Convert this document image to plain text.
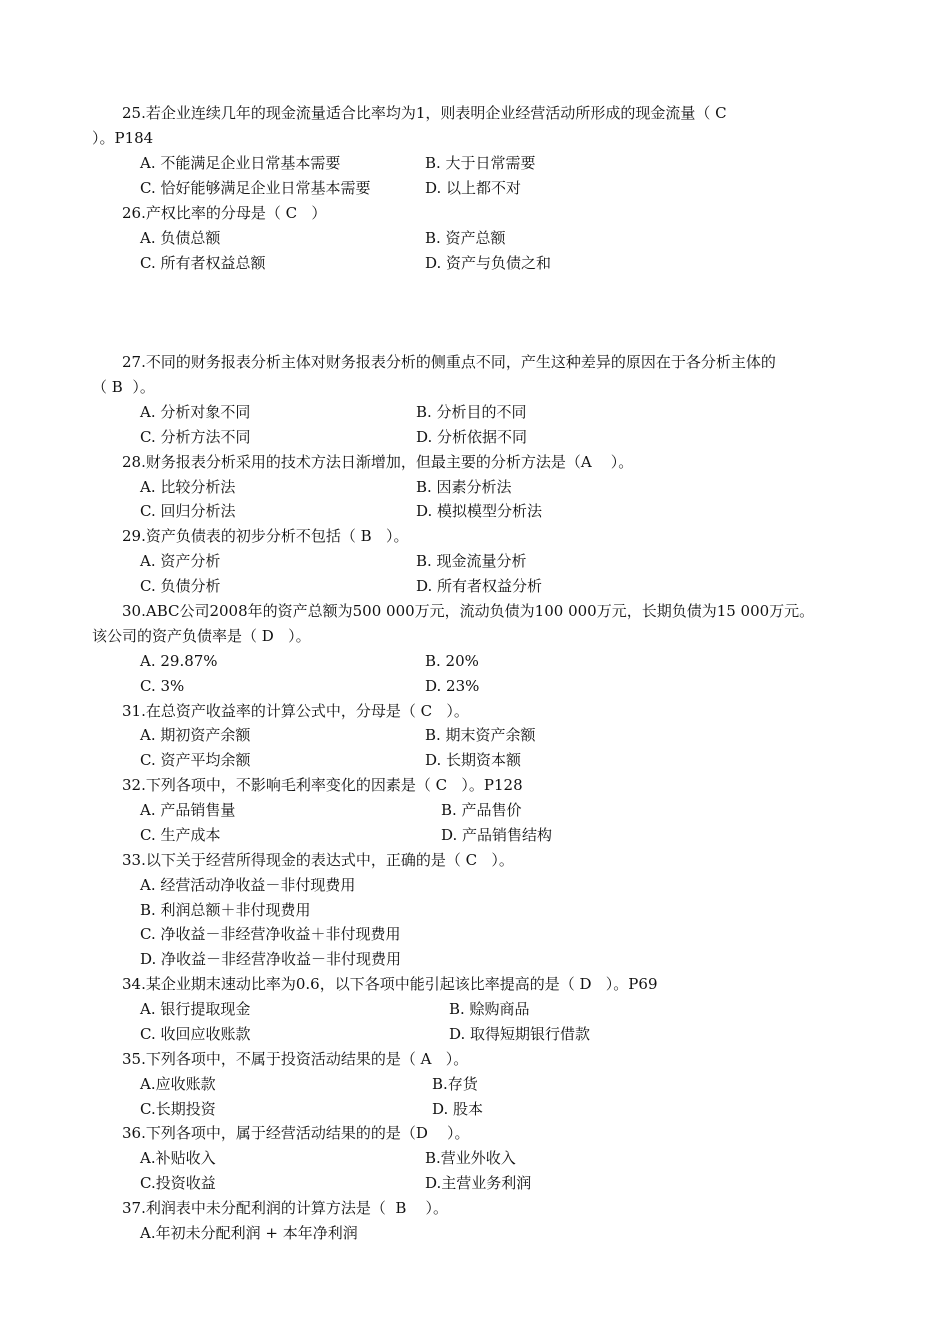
25.若企业连续几年的现金流量适合比率均为1，则表明企业经营活动所形成的现金流量（ C
）。P184
A. 不能满足企业日常基本需要	B. 大于日常需要
C. 恰好能够满足企业日常基本需要	D. 以上都不对
26.产权比率的分母是（ C   ）
A. 负债总额	B. 资产总额
C. 所有者权益总额	D. 资产与负债之和
27.不同的财务报表分析主体对财务报表分析的侧重点不同，产生这种差异的原因在于各分析主体的
（ B  ）。
A. 分析对象不同	B. 分析目的不同
C. 分析方法不同	D. 分析依据不同
28.财务报表分析采用的技术方法日渐增加，但最主要的分析方法是（A    ）。
A. 比较分析法	B. 因素分析法
C. 回归分析法	D. 模拟模型分析法
29.资产负债表的初步分析不包括（ B   ）。
A. 资产分析	B. 现金流量分析
C. 负债分析	D. 所有者权益分析
30.ABC公司2008年的资产总额为500 000万元，流动负债为100 000万元，长期负债为15 000万元。
该公司的资产负债率是（ D   ）。
A. 29.87%	B. 20%
C. 3%	D. 23%
31.在总资产收益率的计算公式中，分母是（ C   ）。
A. 期初资产余额	B. 期末资产余额
C. 资产平均余额	D. 长期资本额
32.下列各项中，不影响毛利率变化的因素是（ C   ）。P128
A. 产品销售量	B. 产品售价
C. 生产成本	D. 产品销售结构
33.以下关于经营所得现金的表达式中，正确的是（ C   ）。
A. 经营活动净收益－非付现费用
B. 利润总额＋非付现费用
C. 净收益－非经营净收益＋非付现费用
D. 净收益－非经营净收益－非付现费用
34.某企业期末速动比率为0.6，以下各项中能引起该比率提高的是（ D   ）。P69
A. 银行提取现金	B. 赊购商品
C. 收回应收账款	D. 取得短期银行借款
35.下列各项中，不属于投资活动结果的是（ A   ）。
A.应收账款	B.存货
C.长期投资	D. 股本
36.下列各项中，属于经营活动结果的的是（D    ）。
A.补贴收入	B.营业外收入
C.投资收益	D.主营业务利润
37.利润表中未分配利润的计算方法是（  B    ）。
A.年初未分配利润 + 本年净利润
